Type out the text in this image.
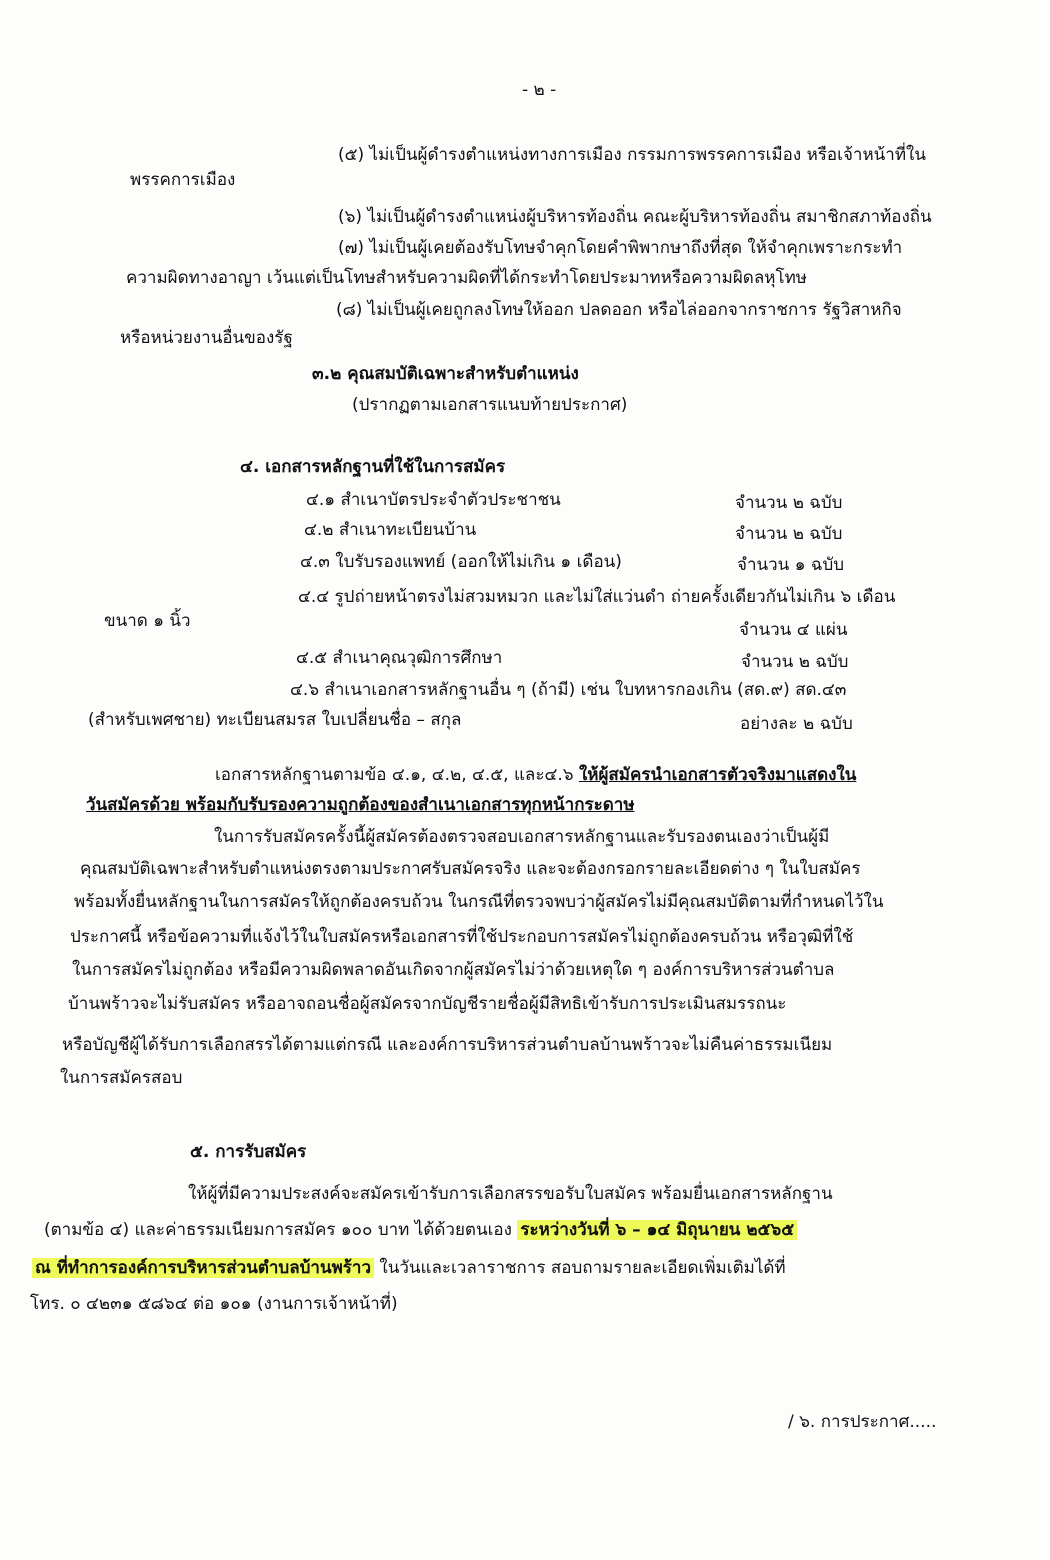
- ๒ -
(๕) ไม่เป็นผู้ดำรงตำแหน่งทางการเมือง กรรมการพรรคการเมือง หรือเจ้าหน้าที่ใน
พรรคการเมือง
(๖) ไม่เป็นผู้ดำรงตำแหน่งผู้บริหารท้องถิ่น คณะผู้บริหารท้องถิ่น สมาชิกสภาท้องถิ่น
(๗) ไม่เป็นผู้เคยต้องรับโทษจำคุกโดยคำพิพากษาถึงที่สุด ให้จำคุกเพราะกระทำ
ความผิดทางอาญา เว้นแต่เป็นโทษสำหรับความผิดที่ได้กระทำโดยประมาทหรือความผิดลหุโทษ
(๘) ไม่เป็นผู้เคยถูกลงโทษให้ออก ปลดออก หรือไล่ออกจากราชการ รัฐวิสาหกิจ
หรือหน่วยงานอื่นของรัฐ
๓.๒ คุณสมบัติเฉพาะสำหรับตำแหน่ง
(ปรากฏตามเอกสารแนบท้ายประกาศ)
๔. เอกสารหลักฐานที่ใช้ในการสมัคร
๔.๑ สำเนาบัตรประจำตัวประชาชน	จำนวน ๒ ฉบับ
๔.๒ สำเนาทะเบียนบ้าน	จำนวน ๒ ฉบับ
๔.๓ ใบรับรองแพทย์ (ออกให้ไม่เกิน ๑ เดือน)	จำนวน ๑ ฉบับ
๔.๔ รูปถ่ายหน้าตรงไม่สวมหมวก และไม่ใส่แว่นดำ ถ่ายครั้งเดียวกันไม่เกิน ๖ เดือน
ขนาด ๑ นิ้ว	จำนวน ๔ แผ่น
๔.๕ สำเนาคุณวุฒิการศึกษา	จำนวน ๒ ฉบับ
๔.๖ สำเนาเอกสารหลักฐานอื่น ๆ (ถ้ามี) เช่น ใบทหารกองเกิน (สด.๙) สด.๔๓
(สำหรับเพศชาย) ทะเบียนสมรส ใบเปลี่ยนชื่อ – สกุล	อย่างละ ๒ ฉบับ
เอกสารหลักฐานตามข้อ ๔.๑, ๔.๒, ๔.๕, และ๔.๖ ให้ผู้สมัครนำเอกสารตัวจริงมาแสดงใน
วันสมัครด้วย พร้อมกับรับรองความถูกต้องของสำเนาเอกสารทุกหน้ากระดาษ
ในการรับสมัครครั้งนี้ผู้สมัครต้องตรวจสอบเอกสารหลักฐานและรับรองตนเองว่าเป็นผู้มี
คุณสมบัติเฉพาะสำหรับตำแหน่งตรงตามประกาศรับสมัครจริง และจะต้องกรอกรายละเอียดต่าง ๆ ในใบสมัคร
พร้อมทั้งยื่นหลักฐานในการสมัครให้ถูกต้องครบถ้วน ในกรณีที่ตรวจพบว่าผู้สมัครไม่มีคุณสมบัติตามที่กำหนดไว้ใน
ประกาศนี้ หรือข้อความที่แจ้งไว้ในใบสมัครหรือเอกสารที่ใช้ประกอบการสมัครไม่ถูกต้องครบถ้วน หรือวุฒิที่ใช้
ในการสมัครไม่ถูกต้อง หรือมีความผิดพลาดอันเกิดจากผู้สมัครไม่ว่าด้วยเหตุใด ๆ องค์การบริหารส่วนตำบล
บ้านพร้าวจะไม่รับสมัคร หรืออาจถอนชื่อผู้สมัครจากบัญชีรายชื่อผู้มีสิทธิเข้ารับการประเมินสมรรถนะ
หรือบัญชีผู้ได้รับการเลือกสรรได้ตามแต่กรณี และองค์การบริหารส่วนตำบลบ้านพร้าวจะไม่คืนค่าธรรมเนียม
ในการสมัครสอบ
๕. การรับสมัคร
ให้ผู้ที่มีความประสงค์จะสมัครเข้ารับการเลือกสรรขอรับใบสมัคร พร้อมยื่นเอกสารหลักฐาน
(ตามข้อ ๔) และค่าธรรมเนียมการสมัคร ๑๐๐ บาท ได้ด้วยตนเอง ระหว่างวันที่ ๖ – ๑๔ มิถุนายน ๒๕๖๕
ณ ที่ทำการองค์การบริหารส่วนตำบลบ้านพร้าว ในวันและเวลาราชการ สอบถามรายละเอียดเพิ่มเติมได้ที่
โทร. ๐ ๔๒๓๑ ๕๘๖๔ ต่อ ๑๐๑ (งานการเจ้าหน้าที่)
/ ๖. การประกาศ.....
